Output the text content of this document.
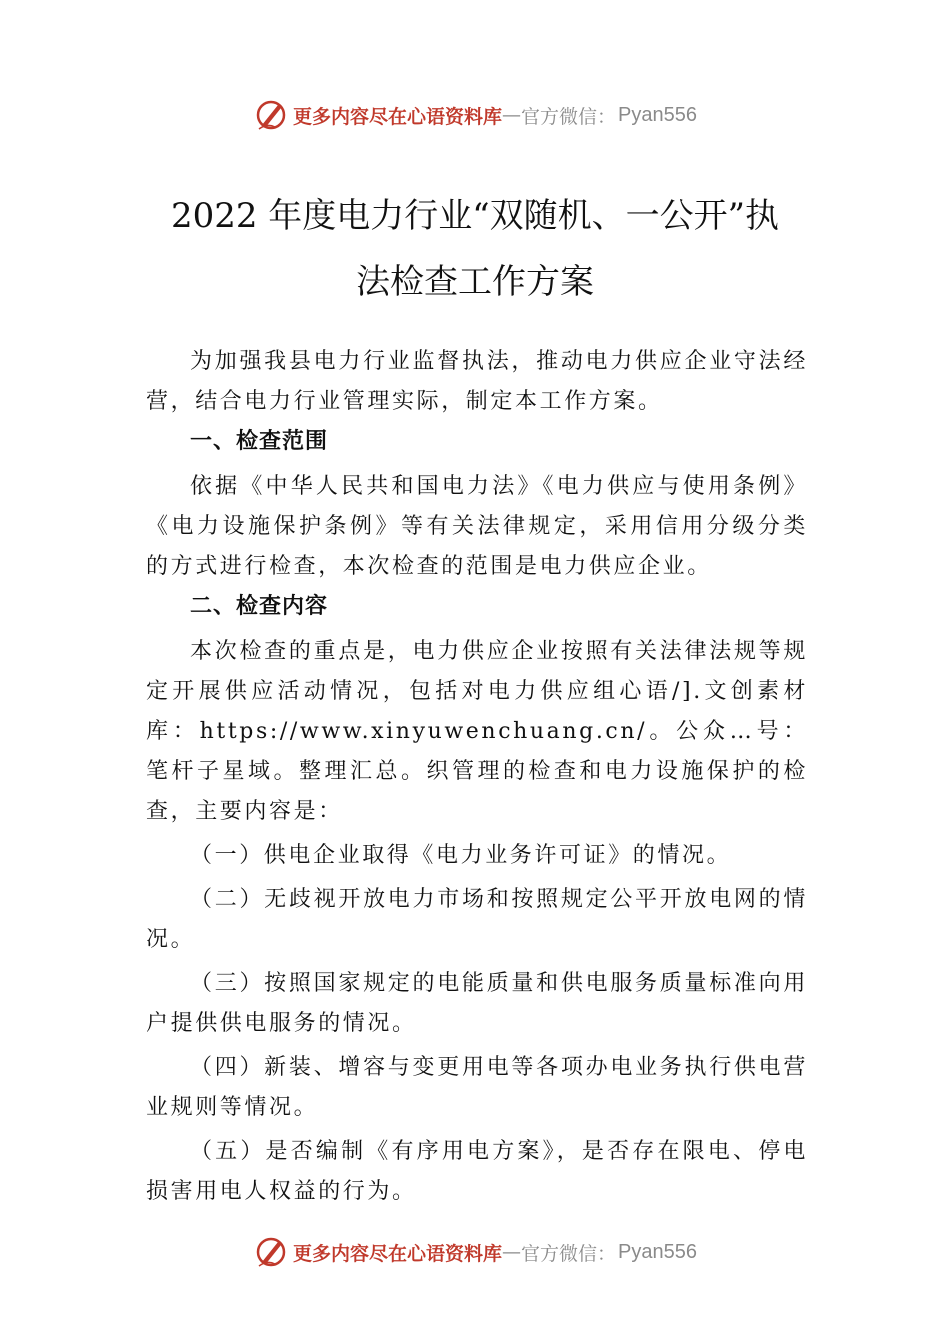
更多内容尽在心语资料库 — 官方微信： Pyan556
2022 年度电力行业“双随机、一公开”执
法检查工作方案

为加强我县电力行业监督执法，推动电力供应企业守法经营，结合电力行业管理实际，制定本工作方案。

一、检查范围

依据《中华人民共和国电力法》《电力供应与使用条例》《电力设施保护条例》等有关法律规定，采用信用分级分类的方式进行检查，本次检查的范围是电力供应企业。

二、检查内容

本次检查的重点是，电力供应企业按照有关法律法规等规定开展供应活动情况，包括对电力供应组心语/].文创素材库：https://www.xinyuwenchuang.cn/。公众…号：笔杆子星域。整理汇总。织管理的检查和电力设施保护的检查，主要内容是：

（一）供电企业取得《电力业务许可证》的情况。

（二）无歧视开放电力市场和按照规定公平开放电网的情况。

（三）按照国家规定的电能质量和供电服务质量标准向用户提供供电服务的情况。

（四）新装、增容与变更用电等各项办电业务执行供电营业规则等情况。

（五）是否编制《有序用电方案》，是否存在限电、停电损害用电人权益的行为。

更多内容尽在心语资料库 — 官方微信： Pyan556
